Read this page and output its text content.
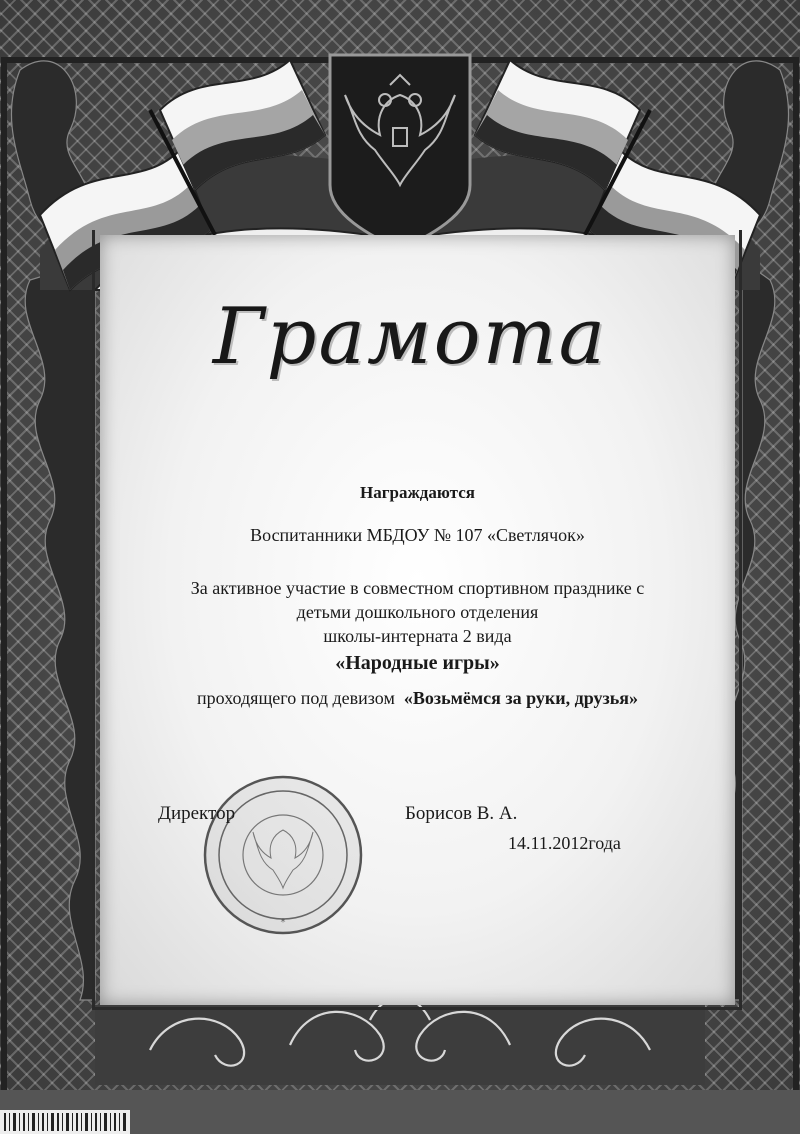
Грамота
Награждаются
Воспитанники МБДОУ № 107 «Светлячок»
За активное участие в совместном спортивном празднике с
детьми дошкольного отделения
школы-интерната 2 вида
«Народные игры»
проходящего под девизом «Возьмёмся за руки, друзья»
*
Директор	Борисов В. А.
14.11.2012года
